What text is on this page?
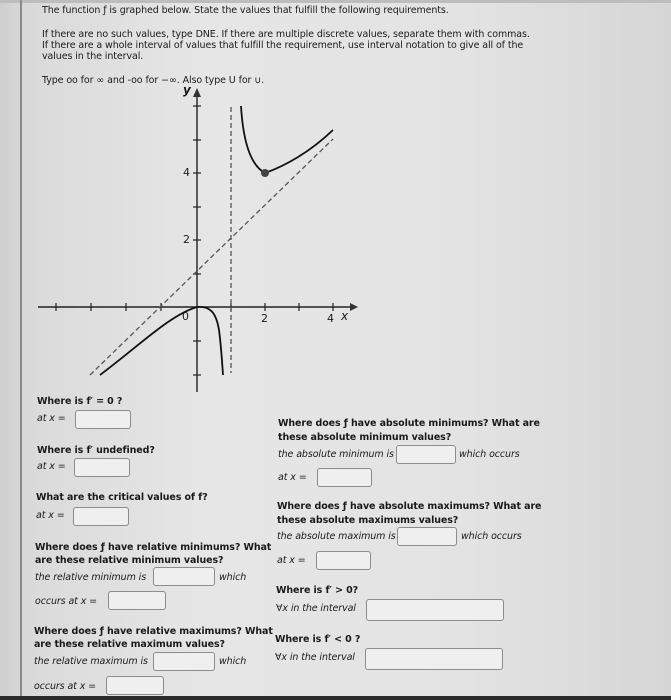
The function ƒ is graphed below. State the values that fulfill the following requirements.
If there are no such values, type DNE. If there are multiple discrete values, separate them with commas.
If there are a whole interval of values that fulfill the requirement, use interval notation to give all of the
values in the interval.
Type oo for ∞ and -oo for −∞. Also type U for ∪.
y
x
0	2	4
2
4
Where is f′ = 0 ?
at x =
Where is f′ undefined?
at x =
What are the critical values of f?
at x =
Where does ƒ have relative minimums? What
are these relative minimum values?
the relative minimum is	which
occurs at x =
Where does ƒ have relative maximums? What
are these relative maximum values?
the relative maximum is	which
occurs at x =
Where does ƒ have absolute minimums? What are
these absolute minimum values?
the absolute minimum is	which occurs
at x =
Where does ƒ have absolute maximums? What are
these absolute maximums values?
the absolute maximum is	which occurs
at x =
Where is f′ > 0?
∀x in the interval
Where is f′ < 0 ?
∀x in the interval
